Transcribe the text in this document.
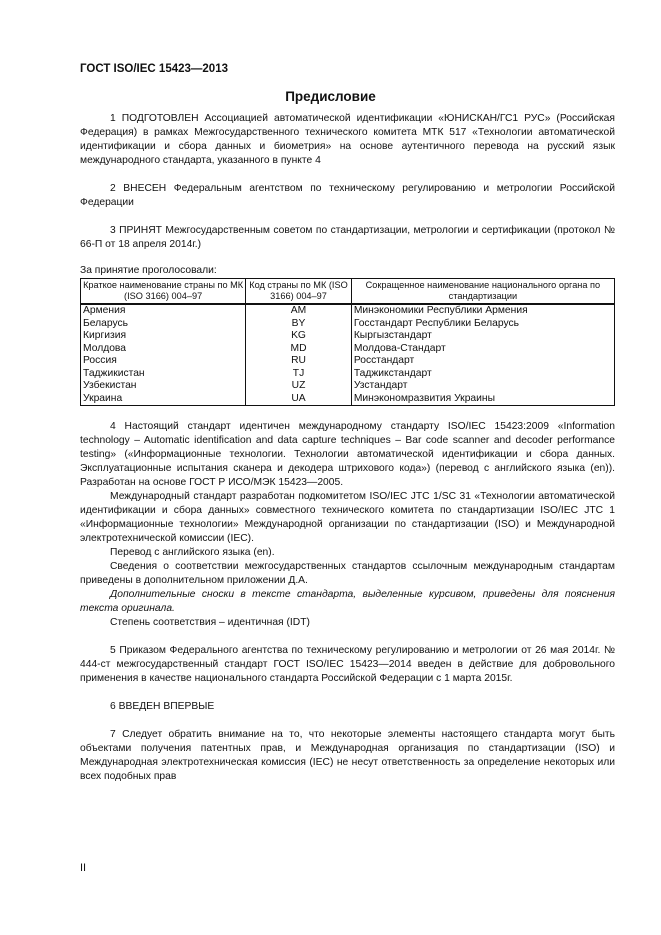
ГОСТ ISO/IEC 15423—2013
Предисловие

1 ПОДГОТОВЛЕН Ассоциацией автоматической идентификации «ЮНИСКАН/ГС1 РУС» (Российская Федерация) в рамках Межгосударственного технического комитета МТК 517 «Технологии автоматической идентификации и сбора данных и биометрия» на основе аутентичного перевода на русский язык международного стандарта, указанного в пункте 4

2 ВНЕСЕН Федеральным агентством по техническому регулированию и метрологии Российской Федерации

3 ПРИНЯТ Межгосударственным советом по стандартизации, метрологии и сертификации (протокол № 66-П от 18 апреля 2014г.)

За принятие проголосовали:

Краткое наименование страны по МК (ISO 3166) 004–97	Код страны по МК (ISO 3166) 004–97	Сокращенное наименование национального органа по стандартизации
Армения	AM	Минэкономики Республики Армения
Беларусь	BY	Госстандарт Республики Беларусь
Киргизия	KG	Кыргызстандарт
Молдова	MD	Молдова-Стандарт
Россия	RU	Росстандарт
Таджикистан	TJ	Таджикстандарт
Узбекистан	UZ	Узстандарт
Украина	UA	Минэкономразвития Украины

4 Настоящий стандарт идентичен международному стандарту ISO/IEC 15423:2009 «Information technology – Automatic identification and data capture techniques – Bar code scanner and decoder performance testing» («Информационные технологии. Технологии автоматической идентификации и сбора данных. Эксплуатационные испытания сканера и декодера штрихового кода») (перевод с английского языка (en)). Разработан на основе ГОСТ Р ИСО/МЭК 15423—2005.

Международный стандарт разработан подкомитетом ISO/IEC JTC 1/SC 31 «Технологии автоматической идентификации и сбора данных» совместного технического комитета по стандартизации ISO/IEC JTC 1 «Информационные технологии» Международной организации по стандартизации (ISO) и Международной электротехнической комиссии (IEC).

Перевод с английского языка (en).

Сведения о соответствии межгосударственных стандартов ссылочным международным стандартам приведены в дополнительном приложении Д.А.

Дополнительные сноски в тексте стандарта, выделенные курсивом, приведены для пояснения текста оригинала.

Степень соответствия – идентичная (IDT)

5 Приказом Федерального агентства по техническому регулированию и метрологии от 26 мая 2014г. № 444-ст межгосударственный стандарт ГОСТ ISO/IEC 15423—2014 введен в действие для добровольного применения в качестве национального стандарта Российской Федерации с 1 марта 2015г.

6 ВВЕДЕН ВПЕРВЫЕ

7 Следует обратить внимание на то, что некоторые элементы настоящего стандарта могут быть объектами получения патентных прав, и Международная организация по стандартизации (ISO) и Международная электротехническая комиссия (IEC) не несут ответственность за определение некоторых или всех подобных прав

II
